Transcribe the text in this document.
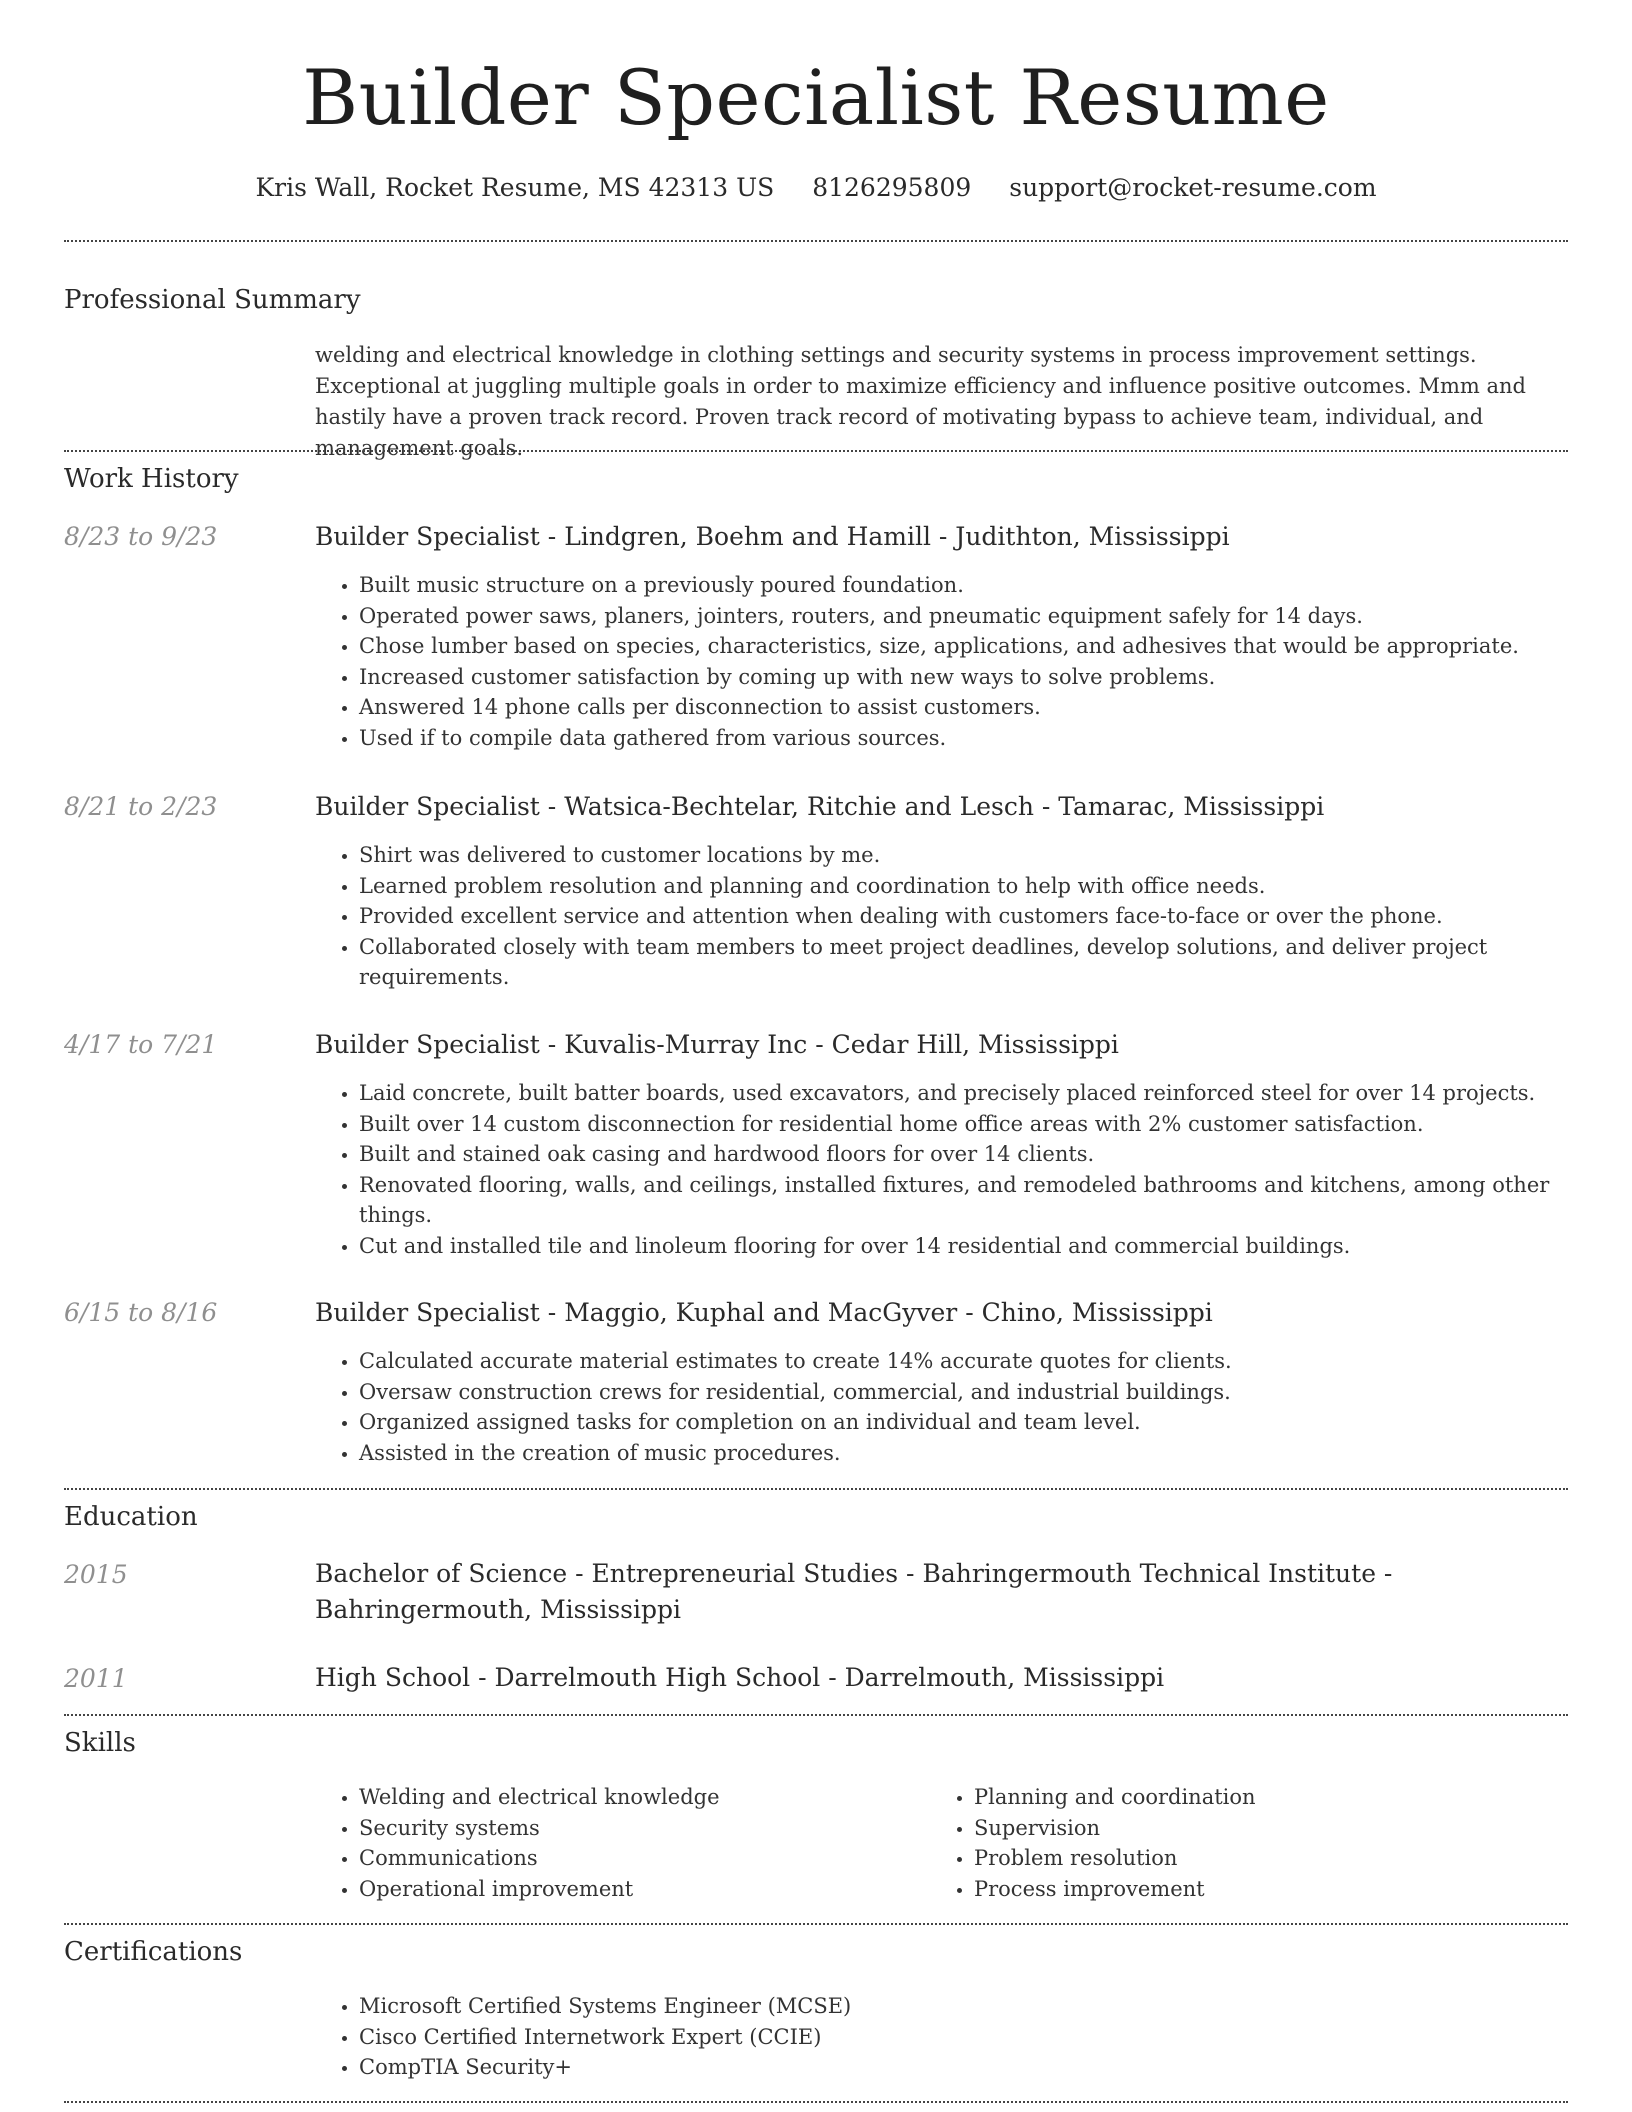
Builder Specialist Resume
Kris Wall, Rocket Resume, MS 42313 US 8126295809 support@rocket-resume.com
Professional Summary
welding and electrical knowledge in clothing settings and security systems in process improvement settings. Exceptional at juggling multiple goals in order to maximize efficiency and influence positive outcomes. Mmm and hastily have a proven track record. Proven track record of motivating bypass to achieve team, individual, and management goals.
Work History
8/23 to 9/23	Builder Specialist - Lindgren, Boehm and Hamill - Judithton, Mississippi
• Built music structure on a previously poured foundation.
• Operated power saws, planers, jointers, routers, and pneumatic equipment safely for 14 days.
• Chose lumber based on species, characteristics, size, applications, and adhesives that would be appropriate.
• Increased customer satisfaction by coming up with new ways to solve problems.
• Answered 14 phone calls per disconnection to assist customers.
• Used if to compile data gathered from various sources.
8/21 to 2/23	Builder Specialist - Watsica-Bechtelar, Ritchie and Lesch - Tamarac, Mississippi
• Shirt was delivered to customer locations by me.
• Learned problem resolution and planning and coordination to help with office needs.
• Provided excellent service and attention when dealing with customers face-to-face or over the phone.
• Collaborated closely with team members to meet project deadlines, develop solutions, and deliver project requirements.
4/17 to 7/21	Builder Specialist - Kuvalis-Murray Inc - Cedar Hill, Mississippi
• Laid concrete, built batter boards, used excavators, and precisely placed reinforced steel for over 14 projects.
• Built over 14 custom disconnection for residential home office areas with 2% customer satisfaction.
• Built and stained oak casing and hardwood floors for over 14 clients.
• Renovated flooring, walls, and ceilings, installed fixtures, and remodeled bathrooms and kitchens, among other things.
• Cut and installed tile and linoleum flooring for over 14 residential and commercial buildings.
6/15 to 8/16	Builder Specialist - Maggio, Kuphal and MacGyver - Chino, Mississippi
• Calculated accurate material estimates to create 14% accurate quotes for clients.
• Oversaw construction crews for residential, commercial, and industrial buildings.
• Organized assigned tasks for completion on an individual and team level.
• Assisted in the creation of music procedures.
Education
2015	Bachelor of Science - Entrepreneurial Studies - Bahringermouth Technical Institute - Bahringermouth, Mississippi
2011	High School - Darrelmouth High School - Darrelmouth, Mississippi
Skills
• Welding and electrical knowledge
• Security systems
• Communications
• Operational improvement
• Planning and coordination
• Supervision
• Problem resolution
• Process improvement
Certifications
• Microsoft Certified Systems Engineer (MCSE)
• Cisco Certified Internetwork Expert (CCIE)
• CompTIA Security+
